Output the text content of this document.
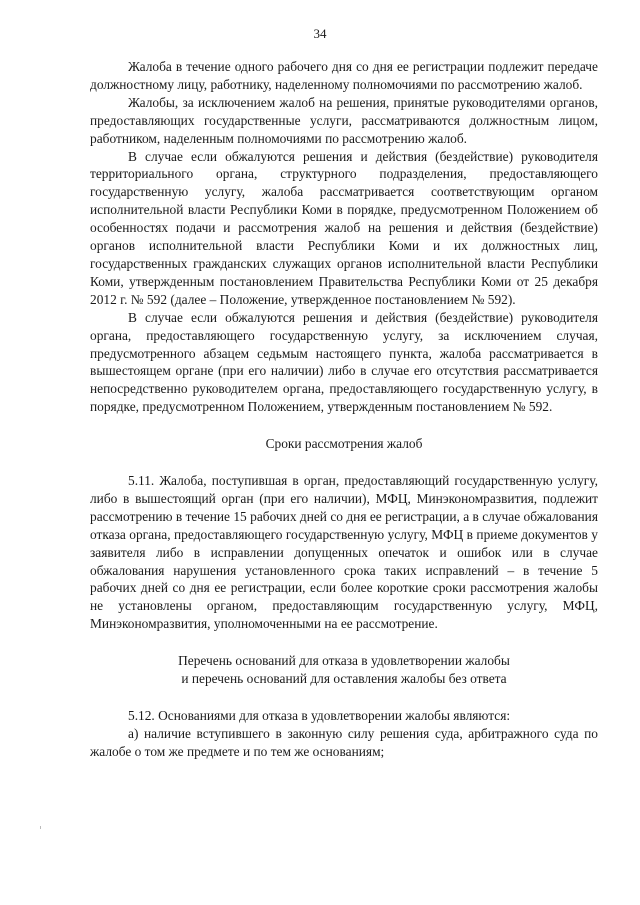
34

Жалоба в течение одного рабочего дня со дня ее регистрации подлежит передаче должностному лицу, работнику, наделенному полномочиями по рассмотрению жалоб.

Жалобы, за исключением жалоб на решения, принятые руководителями органов, предоставляющих государственные услуги, рассматриваются должностным лицом, работником, наделенным полномочиями по рассмотрению жалоб.

В случае если обжалуются решения и действия (бездействие) руководителя территориального органа, структурного подразделения, предоставляющего государственную услугу, жалоба рассматривается соответствующим органом исполнительной власти Республики Коми в порядке, предусмотренном Положением об особенностях подачи и рассмотрения жалоб на решения и действия (бездействие) органов исполнительной власти Республики Коми и их должностных лиц, государственных гражданских служащих органов исполнительной власти Республики Коми, утвержденным постановлением Правительства Республики Коми от 25 декабря 2012 г. № 592 (далее – Положение, утвержденное постановлением № 592).

В случае если обжалуются решения и действия (бездействие) руководителя органа, предоставляющего государственную услугу, за исключением случая, предусмотренного абзацем седьмым настоящего пункта, жалоба рассматривается в вышестоящем органе (при его наличии) либо в случае его отсутствия рассматривается непосредственно руководителем органа, предоставляющего государственную услугу, в порядке, предусмотренном Положением, утвержденным постановлением № 592.

Сроки рассмотрения жалоб

5.11. Жалоба, поступившая в орган, предоставляющий государственную услугу, либо в вышестоящий орган (при его наличии), МФЦ, Минэкономразвития, подлежит рассмотрению в течение 15 рабочих дней со дня ее регистрации, а в случае обжалования отказа органа, предоставляющего государственную услугу, МФЦ в приеме документов у заявителя либо в исправлении допущенных опечаток и ошибок или в случае обжалования нарушения установленного срока таких исправлений – в течение 5 рабочих дней со дня ее регистрации, если более короткие сроки рассмотрения жалобы не установлены органом, предоставляющим государственную услугу, МФЦ, Минэкономразвития, уполномоченными на ее рассмотрение.

Перечень оснований для отказа в удовлетворении жалобы
и перечень оснований для оставления жалобы без ответа

5.12. Основаниями для отказа в удовлетворении жалобы являются:

а) наличие вступившего в законную силу решения суда, арбитражного суда по жалобе о том же предмете и по тем же основаниям;
